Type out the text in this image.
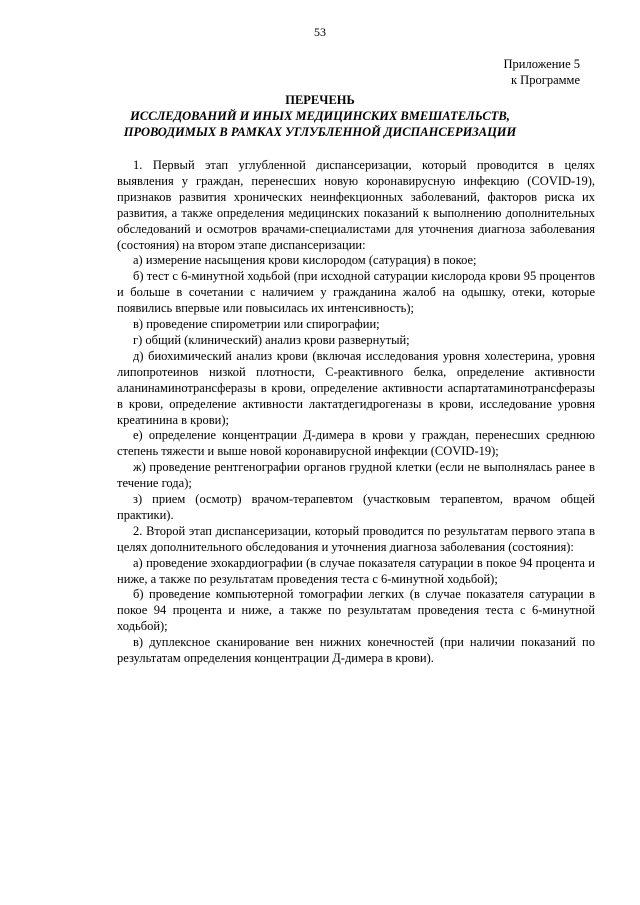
53
Приложение 5
к Программе
ПЕРЕЧЕНЬ
ИССЛЕДОВАНИЙ И ИНЫХ МЕДИЦИНСКИХ ВМЕШАТЕЛЬСТВ,
ПРОВОДИМЫХ В РАМКАХ УГЛУБЛЕННОЙ ДИСПАНСЕРИЗАЦИИ

1. Первый этап углубленной диспансеризации, который проводится в целях выявления у граждан, перенесших новую коронавирусную инфекцию (COVID-19), признаков развития хронических неинфекционных заболеваний, факторов риска их развития, а также определения медицинских показаний к выполнению дополнительных обследований и осмотров врачами-специалистами для уточнения диагноза заболевания (состояния) на втором этапе диспансеризации:

а) измерение насыщения крови кислородом (сатурация) в покое;

б) тест с 6-минутной ходьбой (при исходной сатурации кислорода крови 95 процентов и больше в сочетании с наличием у гражданина жалоб на одышку, отеки, которые появились впервые или повысилась их интенсивность);

в) проведение спирометрии или спирографии;

г) общий (клинический) анализ крови развернутый;

д) биохимический анализ крови (включая исследования уровня холестерина, уровня липопротеинов низкой плотности, С-реактивного белка, определение активности аланинаминотрансферазы в крови, определение активности аспартатаминотрансферазы в крови, определение активности лактатдегидрогеназы в крови, исследование уровня креатинина в крови);

е) определение концентрации Д-димера в крови у граждан, перенесших среднюю степень тяжести и выше новой коронавирусной инфекции (COVID-19);

ж) проведение рентгенографии органов грудной клетки (если не выполнялась ранее в течение года);

з) прием (осмотр) врачом-терапевтом (участковым терапевтом, врачом общей практики).

2. Второй этап диспансеризации, который проводится по результатам первого этапа в целях дополнительного обследования и уточнения диагноза заболевания (состояния):

а) проведение эхокардиографии (в случае показателя сатурации в покое 94 процента и ниже, а также по результатам проведения теста с 6-минутной ходьбой);

б) проведение компьютерной томографии легких (в случае показателя сатурации в покое 94 процента и ниже, а также по результатам проведения теста с 6-минутной ходьбой);

в) дуплексное сканирование вен нижних конечностей (при наличии показаний по результатам определения концентрации Д-димера в крови).
